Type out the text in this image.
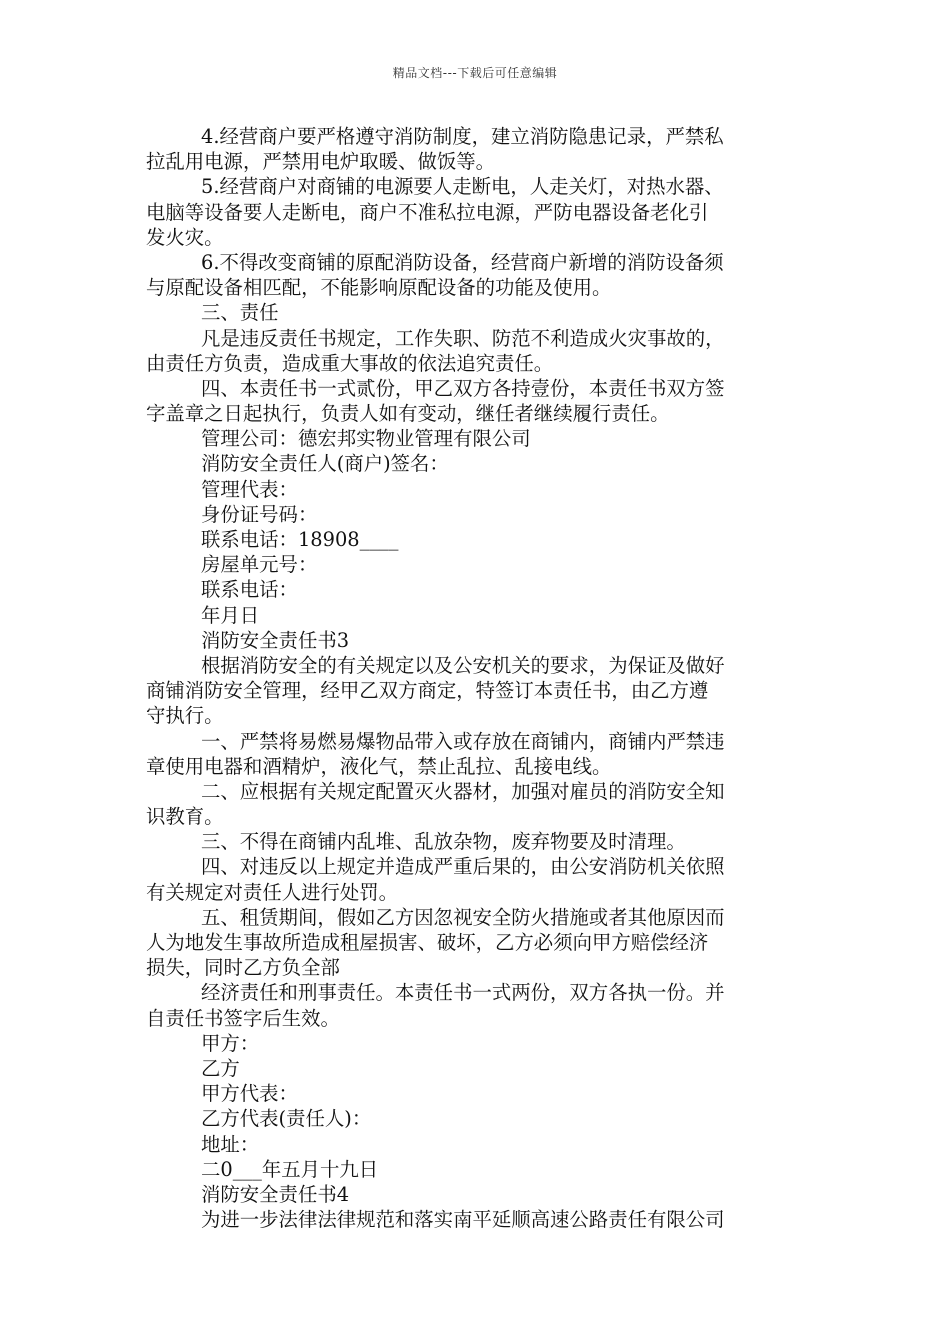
精品文档---下载后可任意编辑
4.经营商户要严格遵守消防制度，建立消防隐患记录，严禁私
拉乱用电源，严禁用电炉取暖、做饭等。
5.经营商户对商铺的电源要人走断电，人走关灯，对热水器、
电脑等设备要人走断电，商户不准私拉电源，严防电器设备老化引
发火灾。
6.不得改变商铺的原配消防设备，经营商户新增的消防设备须
与原配设备相匹配，不能影响原配设备的功能及使用。
三、责任
凡是违反责任书规定，工作失职、防范不利造成火灾事故的，
由责任方负责，造成重大事故的依法追究责任。
四、本责任书一式贰份，甲乙双方各持壹份，本责任书双方签
字盖章之日起执行，负责人如有变动，继任者继续履行责任。
管理公司：德宏邦实物业管理有限公司
消防安全责任人(商户)签名：
管理代表：
身份证号码：
联系电话：18908____
房屋单元号：
联系电话：
年月日
消防安全责任书3
根据消防安全的有关规定以及公安机关的要求，为保证及做好
商铺消防安全管理，经甲乙双方商定，特签订本责任书，由乙方遵
守执行。
一、严禁将易燃易爆物品带入或存放在商铺内，商铺内严禁违
章使用电器和酒精炉，液化气，禁止乱拉、乱接电线。
二、应根据有关规定配置灭火器材，加强对雇员的消防安全知
识教育。
三、不得在商铺内乱堆、乱放杂物，废弃物要及时清理。
四、对违反以上规定并造成严重后果的，由公安消防机关依照
有关规定对责任人进行处罚。
五、租赁期间，假如乙方因忽视安全防火措施或者其他原因而
人为地发生事故所造成租屋损害、破坏，乙方必须向甲方赔偿经济
损失，同时乙方负全部
经济责任和刑事责任。本责任书一式两份，双方各执一份。并
自责任书签字后生效。
甲方：
乙方
甲方代表：
乙方代表(责任人)：
地址：
二0___年五月十九日
消防安全责任书4
为进一步法律法律规范和落实南平延顺高速公路责任有限公司
